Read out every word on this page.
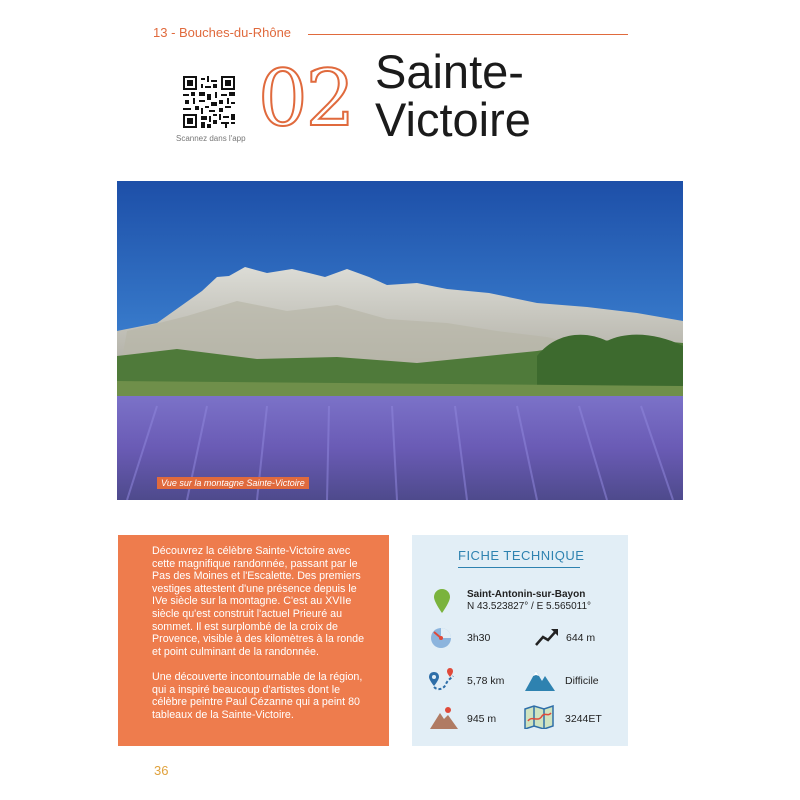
13 - Bouches-du-Rhône
Scannez dans l'app 02 Sainte-
Victoire
Vue sur la montagne Sainte-Victoire

Découvrez la célèbre Sainte-Victoire avec cette magnifique randonnée, passant par le Pas des Moines et l'Escalette. Des premiers vestiges attestent d'une présence depuis le IVe siècle sur la montagne. C'est au XVIIe siècle qu'est construit l'actuel Prieuré au sommet. Il est surplombé de la croix de Provence, visible à des kilomètres à la ronde et point culminant de la randonnée.

Une découverte incontournable de la région, qui a inspiré beaucoup d'artistes dont le célèbre peintre Paul Cézanne qui a peint 80 tableaux de la Sainte-Victoire.

FICHE TECHNIQUE
Saint-Antonin-sur-Bayon
N 43.523827° / E 5.565011°
3h30	644 m
5,78 km	Difficile
945 m	3244ET
36
